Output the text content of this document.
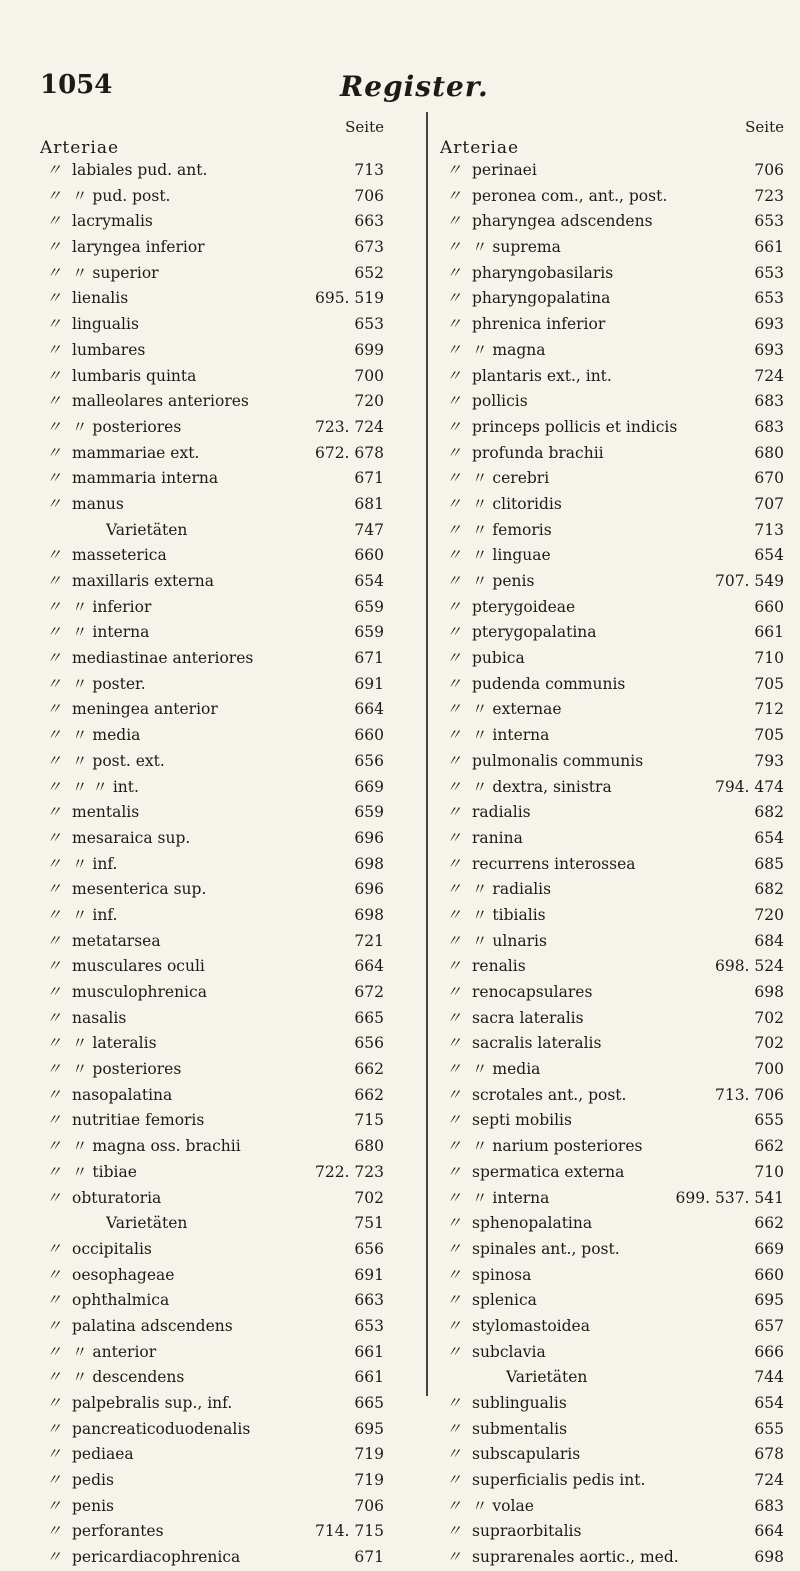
1054	Register.
Seite
Arteriae
〃 labiales pud. ant.	713
〃 〃 pud. post.	706
〃 lacrymalis	663
〃 laryngea inferior	673
〃 〃 superior	652
〃 lienalis	695. 519
〃 lingualis	653
〃 lumbares	699
〃 lumbaris quinta	700
〃 malleolares anteriores	720
〃 〃 posteriores	723. 724
〃 mammariae ext.	672. 678
〃 mammaria interna	671
〃 manus	681
Varietäten	747
〃 masseterica	660
〃 maxillaris externa	654
〃 〃 inferior	659
〃 〃 interna	659
〃 mediastinae anteriores	671
〃 〃 poster.	691
〃 meningea anterior	664
〃 〃 media	660
〃 〃 post. ext.	656
〃 〃 〃 int.	669
〃 mentalis	659
〃 mesaraica sup.	696
〃 〃 inf.	698
〃 mesenterica sup.	696
〃 〃 inf.	698
〃 metatarsea	721
〃 musculares oculi	664
〃 musculophrenica	672
〃 nasalis	665
〃 〃 lateralis	656
〃 〃 posteriores	662
〃 nasopalatina	662
〃 nutritiae femoris	715
〃 〃 magna oss. brachii	680
〃 〃 tibiae	722. 723
〃 obturatoria	702
Varietäten	751
〃 occipitalis	656
〃 oesophageae	691
〃 ophthalmica	663
〃 palatina adscendens	653
〃 〃 anterior	661
〃 〃 descendens	661
〃 palpebralis sup., inf.	665
〃 pancreaticoduodenalis	695
〃 pediaea	719
〃 pedis	719
〃 penis	706
〃 perforantes	714. 715
〃 pericardiacophrenica	671
Seite
Arteriae
〃 perinaei	706
〃 peronea com., ant., post.	723
〃 pharyngea adscendens	653
〃 〃 suprema	661
〃 pharyngobasilaris	653
〃 pharyngopalatina	653
〃 phrenica inferior	693
〃 〃 magna	693
〃 plantaris ext., int.	724
〃 pollicis	683
〃 princeps pollicis et indicis	683
〃 profunda brachii	680
〃 〃 cerebri	670
〃 〃 clitoridis	707
〃 〃 femoris	713
〃 〃 linguae	654
〃 〃 penis	707. 549
〃 pterygoideae	660
〃 pterygopalatina	661
〃 pubica	710
〃 pudenda communis	705
〃 〃 externae	712
〃 〃 interna	705
〃 pulmonalis communis	793
〃 〃 dextra, sinistra	794. 474
〃 radialis	682
〃 ranina	654
〃 recurrens interossea	685
〃 〃 radialis	682
〃 〃 tibialis	720
〃 〃 ulnaris	684
〃 renalis	698. 524
〃 renocapsulares	698
〃 sacra lateralis	702
〃 sacralis lateralis	702
〃 〃 media	700
〃 scrotales ant., post.	713. 706
〃 septi mobilis	655
〃 〃 narium posteriores	662
〃 spermatica externa	710
〃 〃 interna	699. 537. 541
〃 sphenopalatina	662
〃 spinales ant., post.	669
〃 spinosa	660
〃 splenica	695
〃 stylomastoidea	657
〃 subclavia	666
Varietäten	744
〃 sublingualis	654
〃 submentalis	655
〃 subscapularis	678
〃 superficialis pedis int.	724
〃 〃 volae	683
〃 supraorbitalis	664
〃 suprarenales aortic., med.	698
